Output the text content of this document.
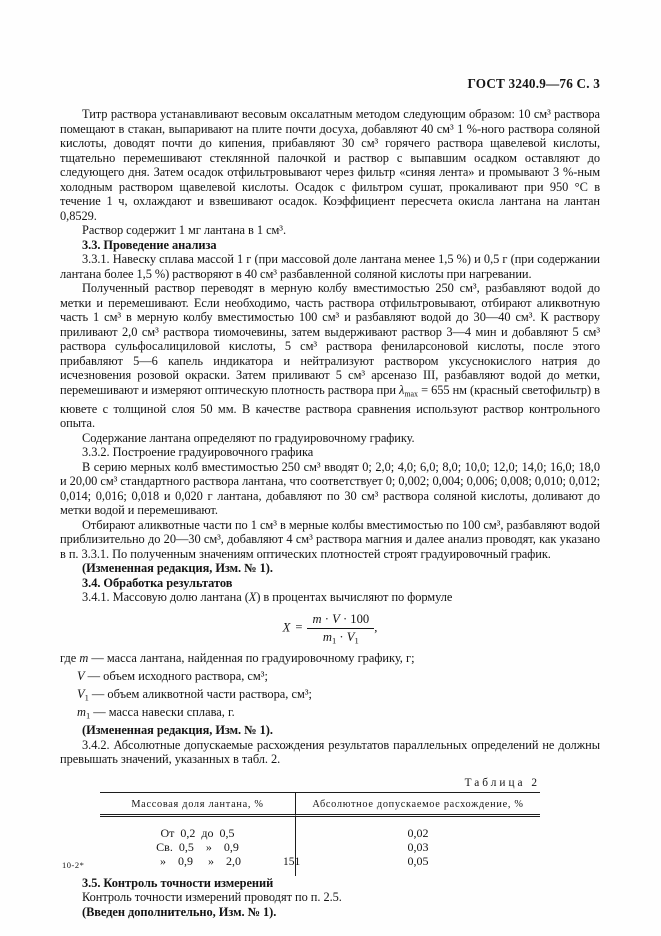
ГОСТ 3240.9—76 С. 3

Титр раствора устанавливают весовым оксалатным методом следующим образом: 10 см³ раствора помещают в стакан, выпаривают на плите почти досуха, добавляют 40 см³ 1 %-ного раствора соляной кислоты, доводят почти до кипения, прибавляют 30 см³ горячего раствора щавелевой кислоты, тщательно перемешивают стеклянной палочкой и раствор с выпавшим осадком оставляют до следующего дня. Затем осадок отфильтровывают через фильтр «синяя лента» и промывают 3 %-ным холодным раствором щавелевой кислоты. Осадок с фильтром сушат, прокаливают при 950 °С в течение 1 ч, охлаждают и взвешивают осадок. Коэффициент пересчета окисла лантана на лантан 0,8529.

Раствор содержит 1 мг лантана в 1 см³.

3.3. Проведение анализа

3.3.1. Навеску сплава массой 1 г (при массовой доле лантана менее 1,5 %) и 0,5 г (при содержании лантана более 1,5 %) растворяют в 40 см³ разбавленной соляной кислоты при нагревании.

Полученный раствор переводят в мерную колбу вместимостью 250 см³, разбавляют водой до метки и перемешивают. Если необходимо, часть раствора отфильтровывают, отбирают аликвотную часть 1 см³ в мерную колбу вместимостью 100 см³ и разбавляют водой до 30—40 см³. К раствору приливают 2,0 см³ раствора тиомочевины, затем выдерживают раствор 3—4 мин и добавляют 5 см³ раствора сульфосалициловой кислоты, 5 см³ раствора фениларсоновой кислоты, после этого прибавляют 5—6 капель индикатора и нейтрализуют раствором уксуснокислого натрия до исчезновения розовой окраски. Затем приливают 5 см³ арсеназо III, разбавляют водой до метки, перемешивают и измеряют оптическую плотность раствора при $\lambda_{max} = 655$ нм (красный светофильтр) в кювете с толщиной слоя 50 мм. В качестве раствора сравнения используют раствор контрольного опыта.

Содержание лантана определяют по градуировочному графику.

3.3.2. Построение градуировочного графика

В серию мерных колб вместимостью 250 см³ вводят 0; 2,0; 4,0; 6,0; 8,0; 10,0; 12,0; 14,0; 16,0; 18,0 и 20,00 см³ стандартного раствора лантана, что соответствует 0; 0,002; 0,004; 0,006; 0,008; 0,010; 0,012; 0,014; 0,016; 0,018 и 0,020 г лантана, добавляют по 30 см³ раствора соляной кислоты, доливают до метки водой и перемешивают.

Отбирают аликвотные части по 1 см³ в мерные колбы вместимостью по 100 см³, разбавляют водой приблизительно до 20—30 см³, добавляют 4 см³ раствора магния и далее анализ проводят, как указано в п. 3.3.1. По полученным значениям оптических плотностей строят градуировочный график.

(Измененная редакция, Изм. № 1).

3.4. Обработка результатов

3.4.1. Массовую долю лантана (X) в процентах вычисляют по формуле

$X = \frac{m \cdot V \cdot 100}{m1 \cdot V1}$ ,
где m — масса лантана, найденная по градуировочному графику, г;
V — объем исходного раствора, см³;
$V_1$ — объем аликвотной части раствора, см³;
$m_1$ — масса навески сплава, г.

(Измененная редакция, Изм. № 1).

3.4.2. Абсолютные допускаемые расхождения результатов параллельных определений не должны превышать значений, указанных в табл. 2.

Таблица 2
Массовая доля лантана, %	Абсолютное допускаемое расхождение, %
От  0,2  до  0,5	0,02
Св.  0,5    »    0,9	0,03
»    0,9     »    2,0	0,05

3.5. Контроль точности измерений

Контроль точности измерений проводят по п. 2.5.

(Введен дополнительно, Изм. № 1).

10-2*	151
